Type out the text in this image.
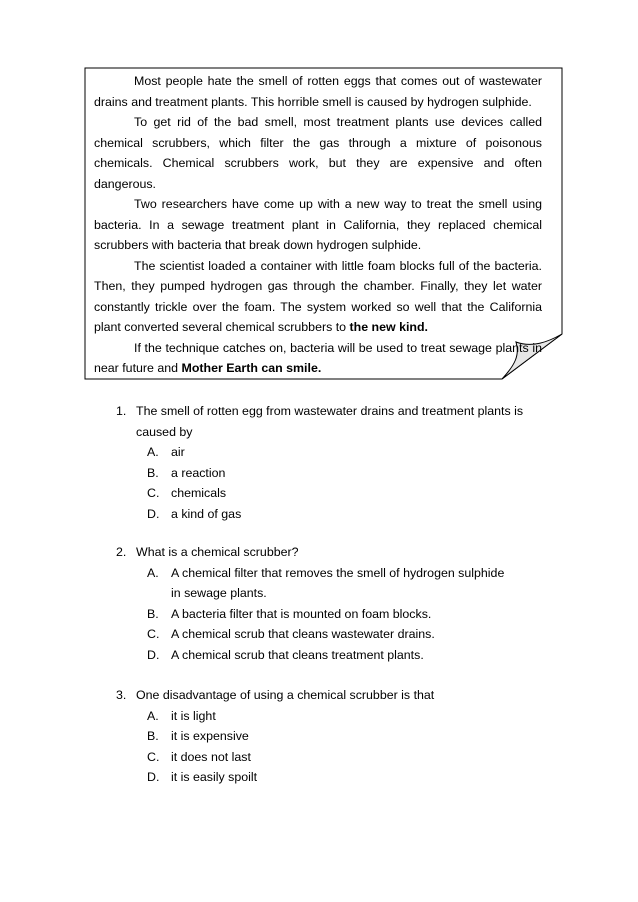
Most people hate the smell of rotten eggs that comes out of wastewater drains and treatment plants. This horrible smell is caused by hydrogen sulphide.

To get rid of the bad smell, most treatment plants use devices called chemical scrubbers, which filter the gas through a mixture of poisonous chemicals. Chemical scrubbers work, but they are expensive and often dangerous.

Two researchers have come up with a new way to treat the smell using bacteria. In a sewage treatment plant in California, they replaced chemical scrubbers with bacteria that break down hydrogen sulphide.

The scientist loaded a container with little foam blocks full of the bacteria. Then, they pumped hydrogen gas through the chamber. Finally, they let water constantly trickle over the foam. The system worked so well that the California plant converted several chemical scrubbers to the new kind.

If the technique catches on, bacteria will be used to treat sewage plants in near future and Mother Earth can smile.

1. The smell of rotten egg from wastewater drains and treatment plants is
caused by
A. air
B. a reaction
C. chemicals
D. a kind of gas
2. What is a chemical scrubber?
A. A chemical filter that removes the smell of hydrogen sulphide
in sewage plants.
B. A bacteria filter that is mounted on foam blocks.
C. A chemical scrub that cleans wastewater drains.
D. A chemical scrub that cleans treatment plants.
3. One disadvantage of using a chemical scrubber is that
A. it is light
B. it is expensive
C. it does not last
D. it is easily spoilt
